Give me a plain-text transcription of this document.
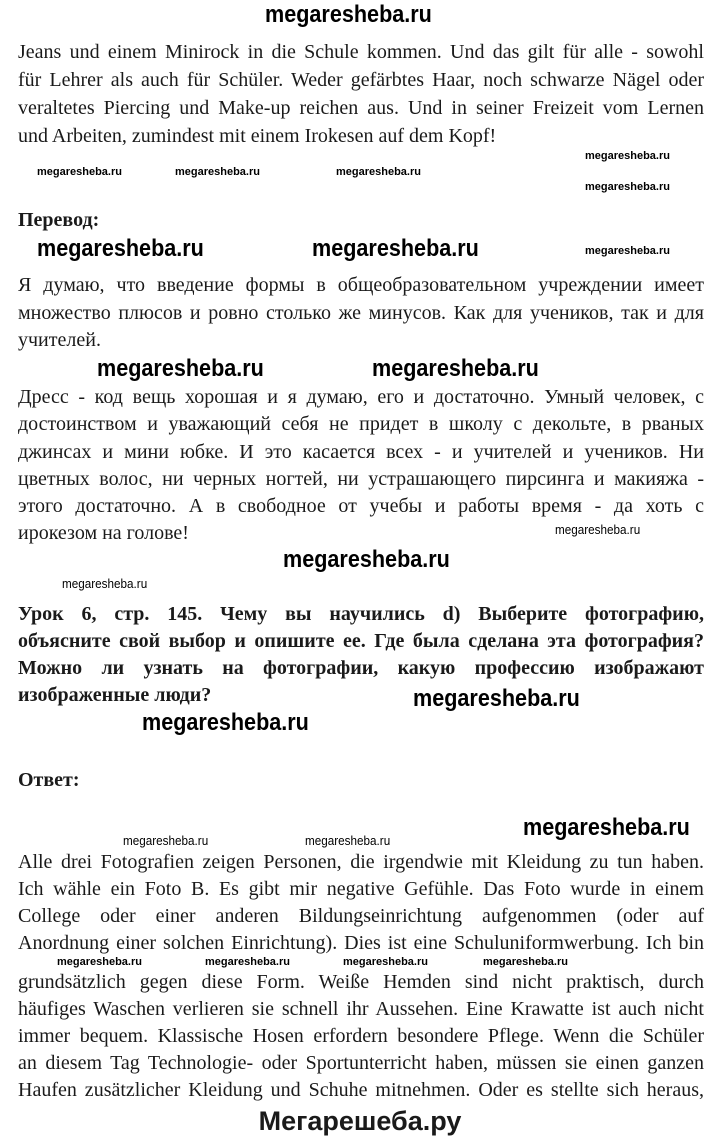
Jeans und einem Minirock in die Schule kommen. Und das gilt für alle - sowohl
für Lehrer als auch für Schüler. Weder gefärbtes Haar, noch schwarze Nägel oder
veraltetes Piercing und Make-up reichen aus. Und in seiner Freizeit vom Lernen
und Arbeiten, zumindest mit einem Irokesen auf dem Kopf!
Перевод:
Я думаю, что введение формы в общеобразовательном учреждении имеет
множество плюсов и ровно столько же минусов. Как для учеников, так и для
учителей.
Дресс - код вещь хорошая и я думаю, его и достаточно. Умный человек, с
достоинством и уважающий себя не придет в школу с декольте, в рваных
джинсах и мини юбке. И это касается всех - и учителей и учеников. Ни
цветных волос, ни черных ногтей, ни устрашающего пирсинга и макияжа -
этого достаточно. А в свободное от учебы и работы время - да хоть с
ирокезом на голове!
Урок 6, стр. 145. Чему вы научились d) Выберите фотографию,
объясните свой выбор и опишите ее. Где была сделана эта фотография?
Можно ли узнать на фотографии, какую профессию изображают
изображенные люди?
Ответ:
Alle drei Fotografien zeigen Personen, die irgendwie mit Kleidung zu tun haben.
Ich wähle ein Foto B. Es gibt mir negative Gefühle. Das Foto wurde in einem
College oder einer anderen Bildungseinrichtung aufgenommen (oder auf
Anordnung einer solchen Einrichtung). Dies ist eine Schuluniformwerbung. Ich bin
grundsätzlich gegen diese Form. Weiße Hemden sind nicht praktisch, durch
häufiges Waschen verlieren sie schnell ihr Aussehen. Eine Krawatte ist auch nicht
immer bequem. Klassische Hosen erfordern besondere Pflege. Wenn die Schüler
an diesem Tag Technologie- oder Sportunterricht haben, müssen sie einen ganzen
Haufen zusätzlicher Kleidung und Schuhe mitnehmen. Oder es stellte sich heraus,
megaresheba.ru
megaresheba.ru	megaresheba.ru	megaresheba.ru
megaresheba.ru
megaresheba.ru
megaresheba.ru	megaresheba.ru	megaresheba.ru
megaresheba.ru	megaresheba.ru
megaresheba.ru
megaresheba.ru
megaresheba.ru
megaresheba.ru
megaresheba.ru
megaresheba.ru
megaresheba.ru	megaresheba.ru
megaresheba.ru	megaresheba.ru	megaresheba.ru	megaresheba.ru
Мегарешеба.ру
